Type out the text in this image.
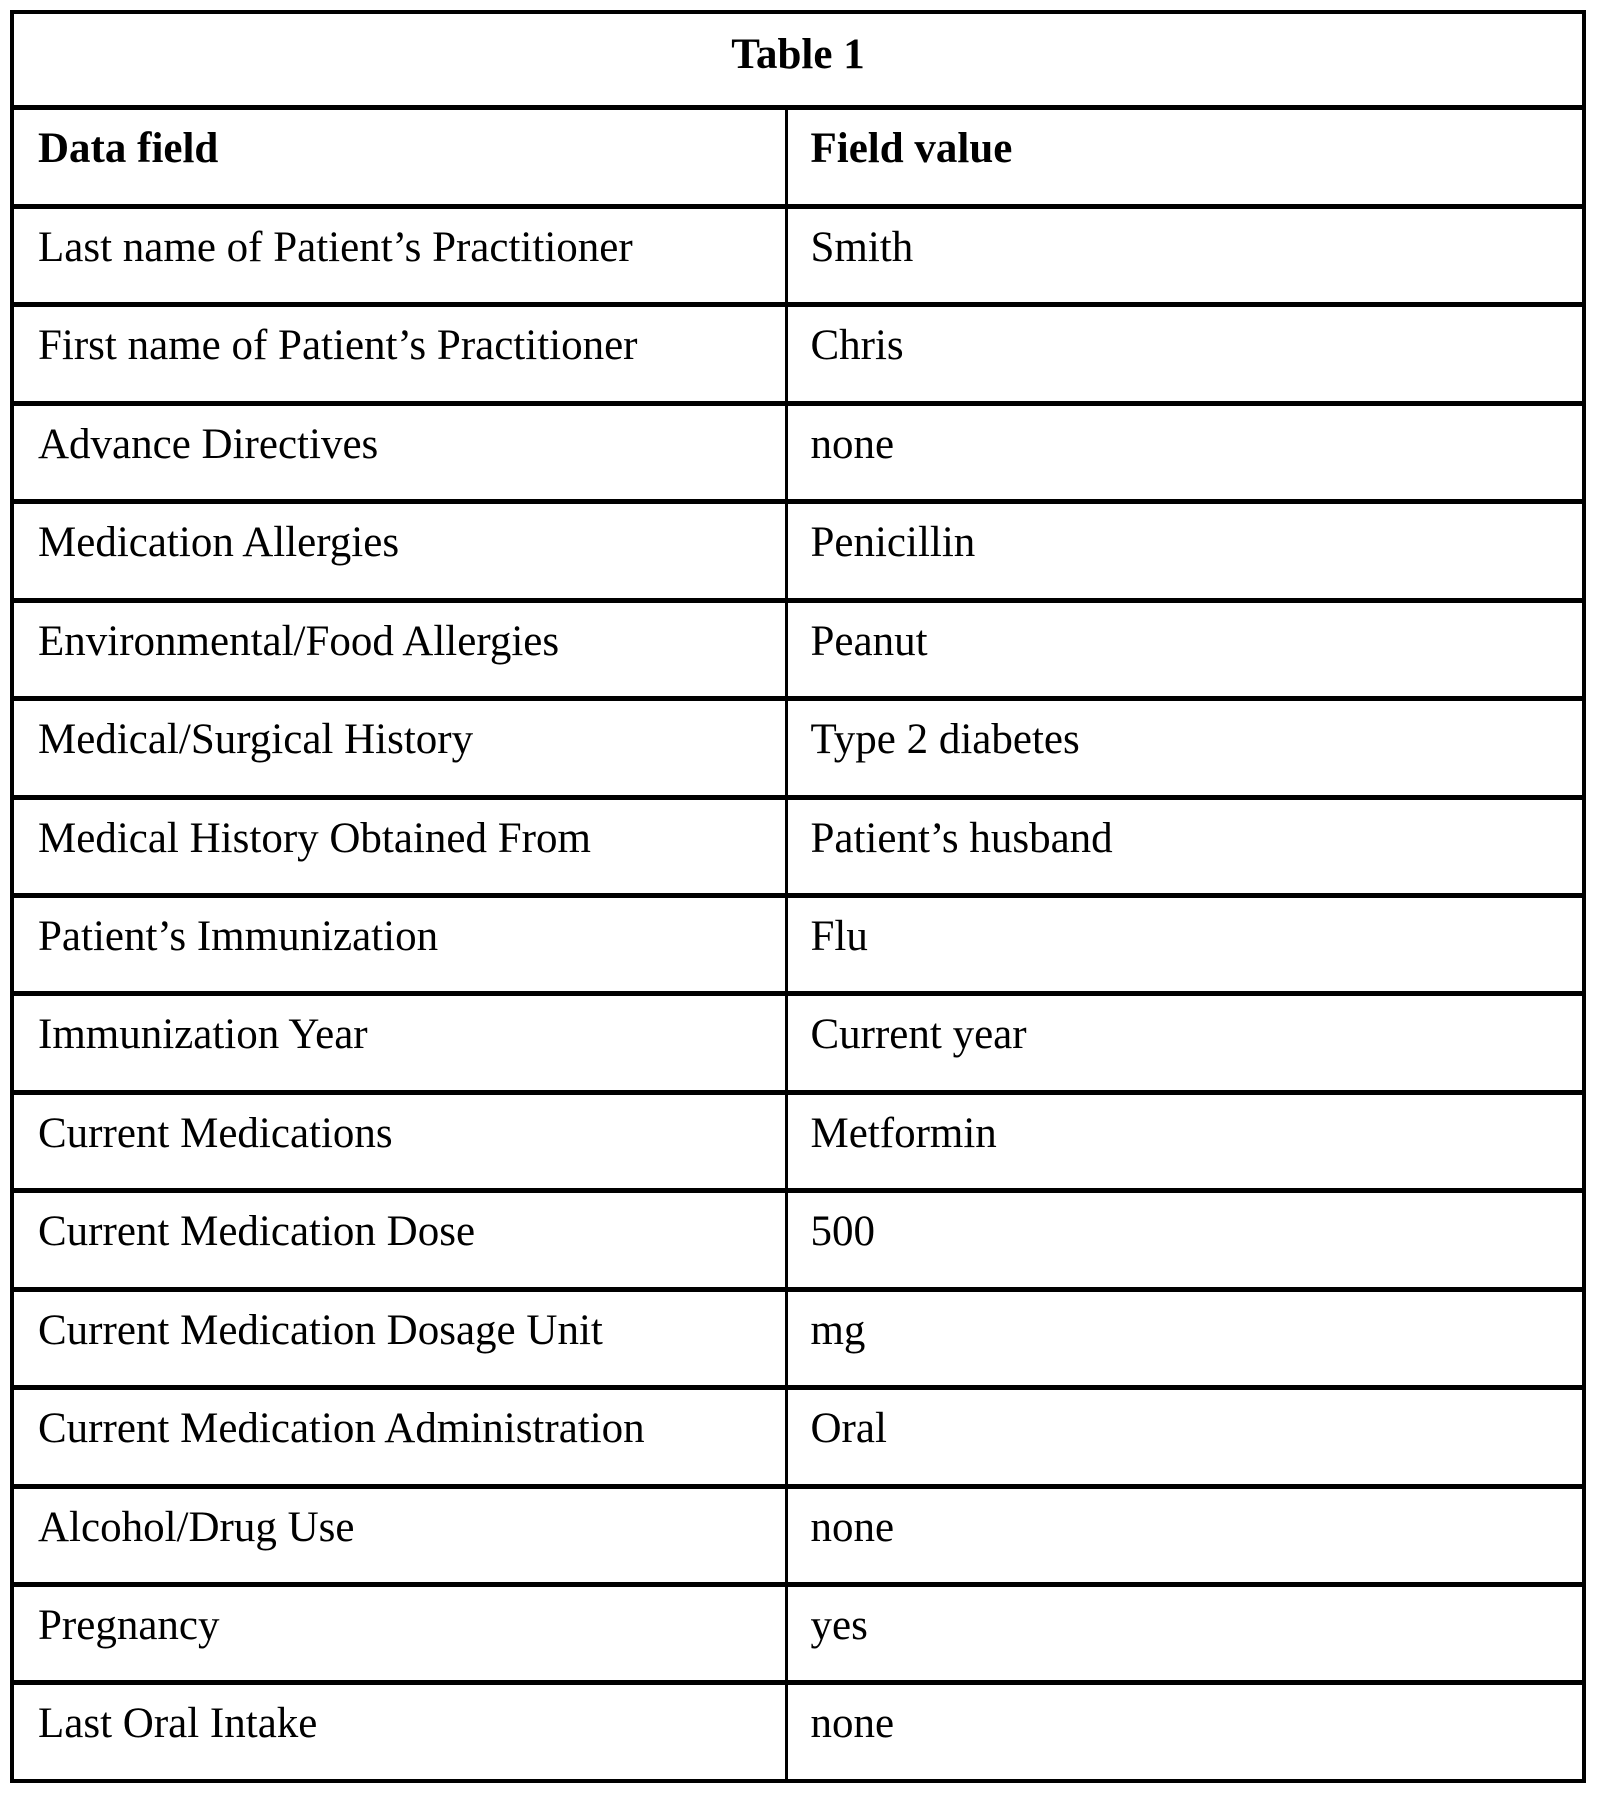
Table 1	
Data field	Field value
Last name of Patient’s Practitioner	Smith
First name of Patient’s Practitioner	Chris
Advance Directives	none
Medication Allergies	Penicillin
Environmental/Food Allergies	Peanut
Medical/Surgical History	Type 2 diabetes
Medical History Obtained From	Patient’s husband
Patient’s Immunization	Flu
Immunization Year	Current year
Current Medications	Metformin
Current Medication Dose	500
Current Medication Dosage Unit	mg
Current Medication Administration	Oral
Alcohol/Drug Use	none
Pregnancy	yes
Last Oral Intake	none
